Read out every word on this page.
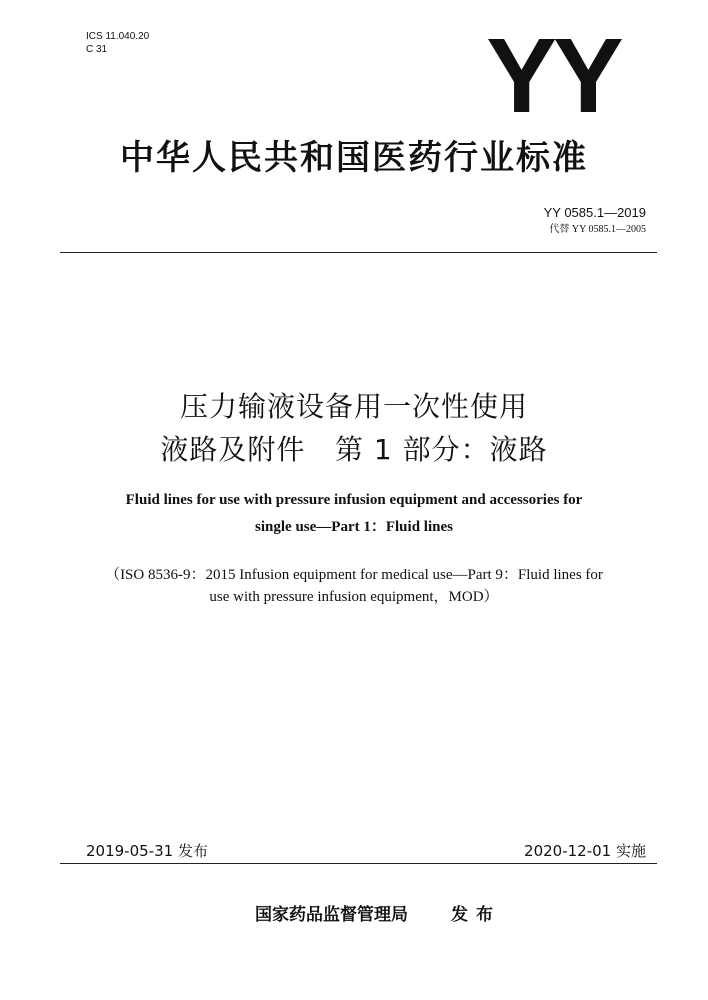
ICS 11.040.20
C 31	YY
中华人民共和国医药行业标准
YY 0585.1—2019
代替 YY 0585.1—2005
压力输液设备用一次性使用
液路及附件   第 1 部分：液路
Fluid lines for use with pressure infusion equipment and accessories for
single use—Part 1：Fluid lines
（ISO 8536-9：2015 Infusion equipment for medical use—Part 9：Fluid lines for
use with pressure infusion equipment，MOD）
2019-05-31 发布	2020-12-01 实施
国家药品监督管理局	发布
